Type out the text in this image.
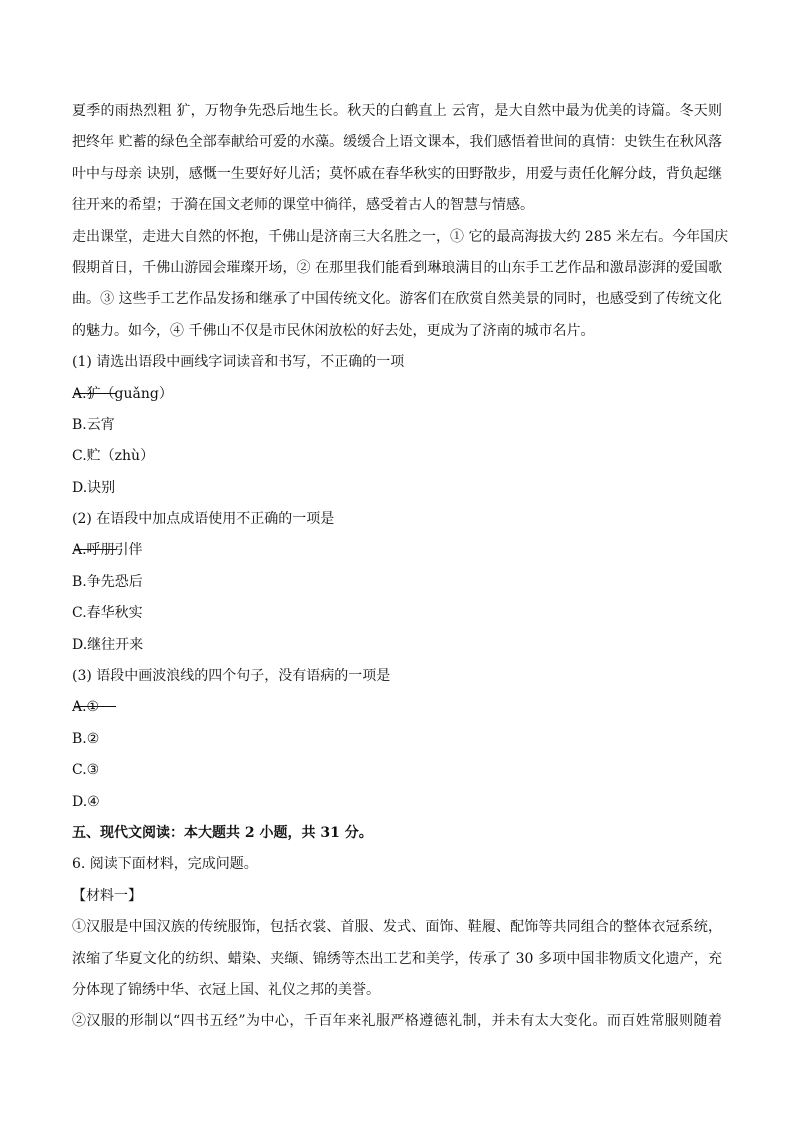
夏季的雨热烈粗 犷，万物争先恐后地生长。秋天的白鹤直上 云宵，是大自然中最为优美的诗篇。冬天则
把终年 贮蓄的绿色全部奉献给可爱的水藻。缓缓合上语文课本，我们感悟着世间的真情：史铁生在秋风落
叶中与母亲 诀别，感慨一生要好好儿活；莫怀戚在春华秋实的田野散步，用爱与责任化解分歧，背负起继
往开来的希望；于漪在国文老师的课堂中徜徉，感受着古人的智慧与情感。
走出课堂，走进大自然的怀抱，千佛山是济南三大名胜之一，① 它的最高海拔大约 285 米左右。今年国庆
假期首日，千佛山游园会璀璨开场，② 在那里我们能看到琳琅满目的山东手工艺作品和激昂澎湃的爱国歌
曲。③ 这些手工艺作品发扬和继承了中国传统文化。游客们在欣赏自然美景的同时，也感受到了传统文化
的魅力。如今，④ 千佛山不仅是市民休闲放松的好去处，更成为了济南的城市名片。
(1) 请选出语段中画线字词读音和书写，不正确的一项
A.犷（guǎng）
B.云宵
C.贮（zhù）
D.诀别
(2) 在语段中加点成语使用不正确的一项是
A.呼朋引伴
B.争先恐后
C.春华秋实
D.继往开来
(3) 语段中画波浪线的四个句子，没有语病的一项是
A.①
B.②
C.③
D.④
五、现代文阅读：本大题共 2 小题，共 31 分。
6. 阅读下面材料，完成问题。
【材料一】
①汉服是中国汉族的传统服饰，包括衣裳、首服、发式、面饰、鞋履、配饰等共同组合的整体衣冠系统，
浓缩了华夏文化的纺织、蜡染、夹缬、锦绣等杰出工艺和美学，传承了 30 多项中国非物质文化遗产，充
分体现了锦绣中华、衣冠上国、礼仪之邦的美誉。
②汉服的形制以“四书五经”为中心，千百年来礼服严格遵德礼制，并未有太大变化。而百姓常服则随着
